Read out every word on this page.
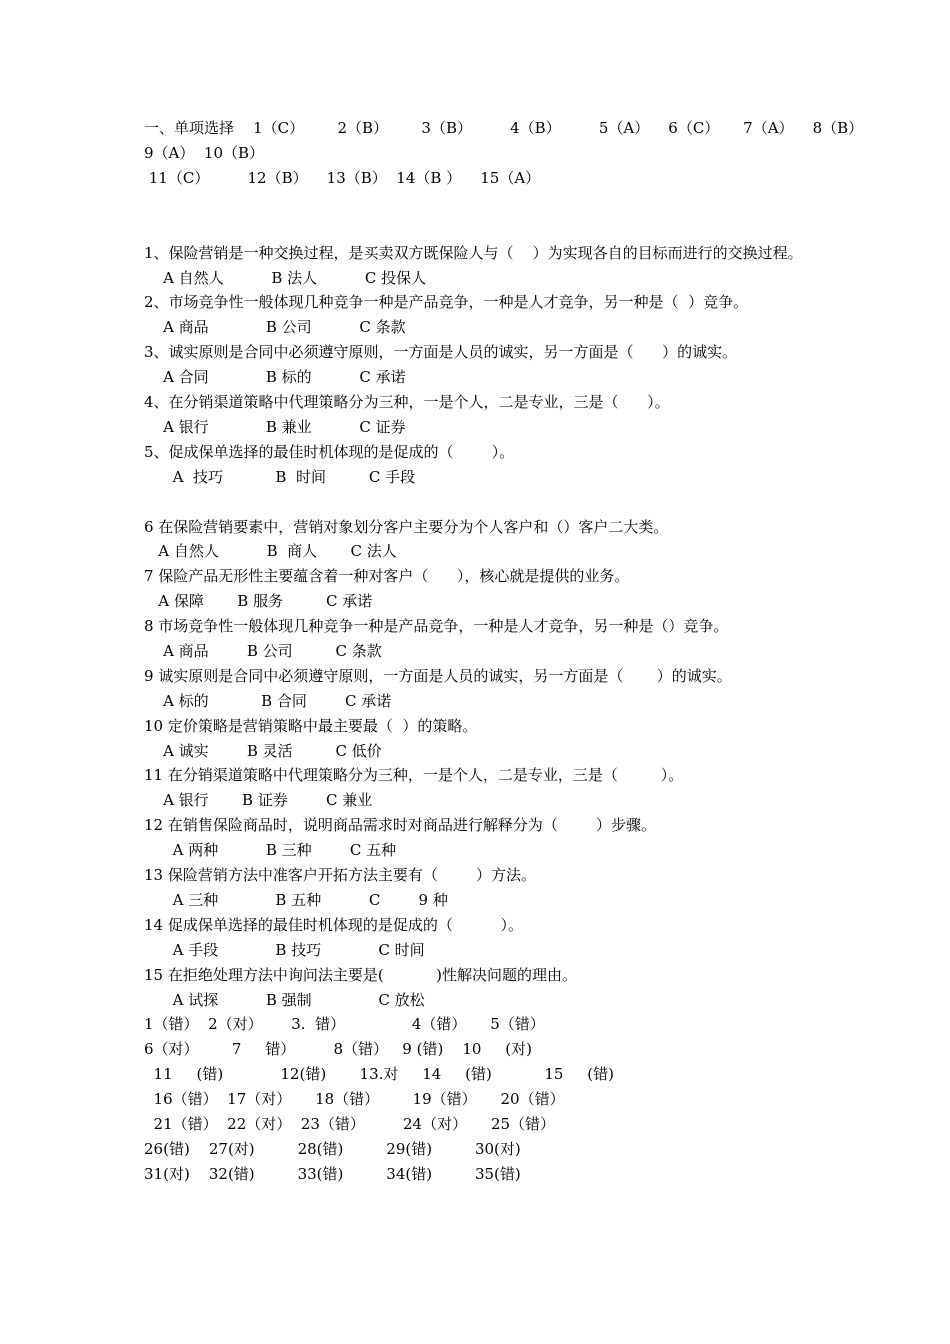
一、单项选择    1（C）       2（B）       3（B）        4（B）        5（A）    6（C）     7（A）    8（B）
9（A）  10（B）
11（C）        12（B）    13（B）  14（B ）    15（A）
1、保险营销是一种交换过程，是买卖双方既保险人与（    ）为实现各自的目标而进行的交换过程。
A 自然人          B 法人          C 投保人
2、市场竞争性一般体现几种竞争一种是产品竞争，一种是人才竞争，另一种是（  ）竞争。
A 商品            B 公司          C 条款
3、诚实原则是合同中必须遵守原则，一方面是人员的诚实，另一方面是（      ）的诚实。
A 合同            B 标的          C 承诺
4、在分销渠道策略中代理策略分为三种，一是个人，二是专业，三是（      ）。
A 银行            B 兼业          C 证券
5、促成保单选择的最佳时机体现的是促成的（        ）。
A  技巧           B  时间         C 手段
6 在保险营销要素中，营销对象划分客户主要分为个人客户和（）客户二大类。
A 自然人          B  商人       C 法人
7 保险产品无形性主要蕴含着一种对客户（      ），核心就是提供的业务。
A 保障       B 服务         C 承诺
8 市场竞争性一般体现几种竞争一种是产品竞争，一种是人才竞争，另一种是（）竞争。
A 商品        B 公司         C 条款
9 诚实原则是合同中必须遵守原则，一方面是人员的诚实，另一方面是（       ）的诚实。
A 标的           B 合同        C 承诺
10 定价策略是营销策略中最主要最（  ）的策略。
A 诚实        B 灵活         C 低价
11 在分销渠道策略中代理策略分为三种，一是个人，二是专业，三是（         ）。
A 银行       B 证券        C 兼业
12 在销售保险商品时，说明商品需求时对商品进行解释分为（        ）步骤。
A 两种          B 三种        C 五种
13 保险营销方法中准客户开拓方法主要有（        ）方法。
A 三种            B 五种          C        9 种
14 促成保单选择的最佳时机体现的是促成的（          ）。
A 手段            B 技巧            C 时间
15 在拒绝处理方法中询问法主要是(           )性解决问题的理由。
A 试探          B 强制              C 放松
1（错）  2（对）      3.  错）              4（错）     5（错）
6（对）       7     错）        8（错）   9 (错)    10     (对)
11     (错)            12(错)       13.对     14     (错)           15     (错)
16（错）  17（对）     18（错）       19（错）     20（错）
21（错）  22（对）  23（错）        24（对）     25（错）
26(错)    27(对)         28(错)         29(错)         30(对)
31(对)    32(错)         33(错)         34(错)         35(错)
